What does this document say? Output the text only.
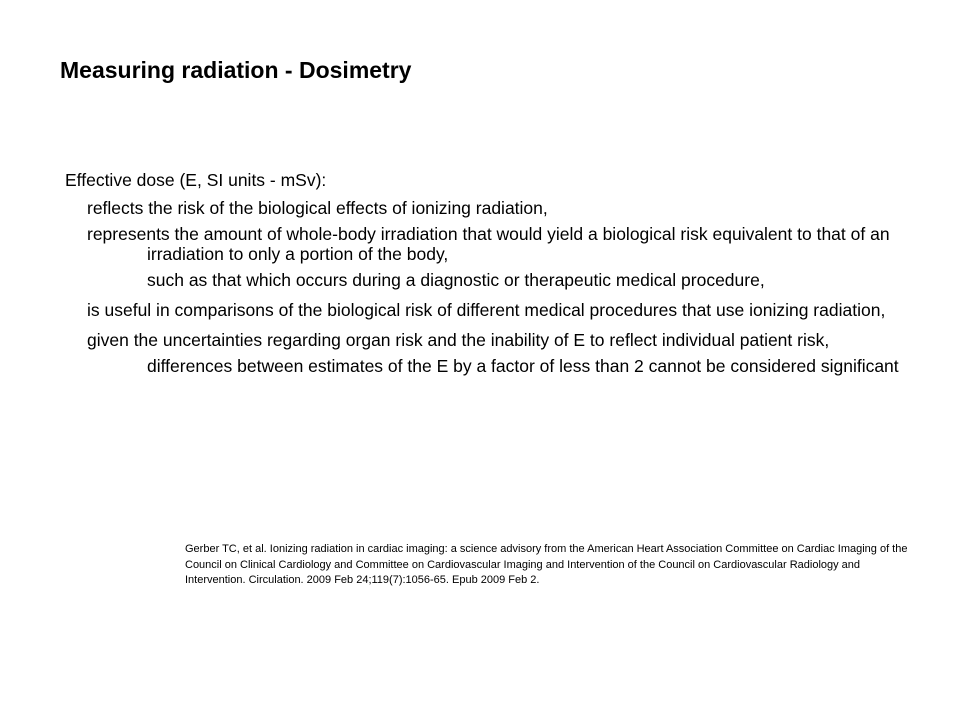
Measuring radiation - Dosimetry

Effective dose (E, SI units - mSv):

reflects the risk of the biological effects of ionizing radiation,

represents the amount of whole-body irradiation that would yield a biological risk equivalent to that of an irradiation to only a portion of the body,

such as that which occurs during a diagnostic or therapeutic medical procedure,

is useful in comparisons of the biological risk of different medical procedures that use ionizing radiation,

given the uncertainties regarding organ risk and the inability of E to reflect individual patient risk,

differences between estimates of the E by a factor of less than 2 cannot be considered significant

Gerber TC, et al. Ionizing radiation in cardiac imaging: a science advisory from the American Heart Association Committee on Cardiac Imaging of the Council on Clinical Cardiology and Committee on Cardiovascular Imaging and Intervention of the Council on Cardiovascular Radiology and Intervention. Circulation. 2009 Feb 24;119(7):1056-65. Epub 2009 Feb 2.
